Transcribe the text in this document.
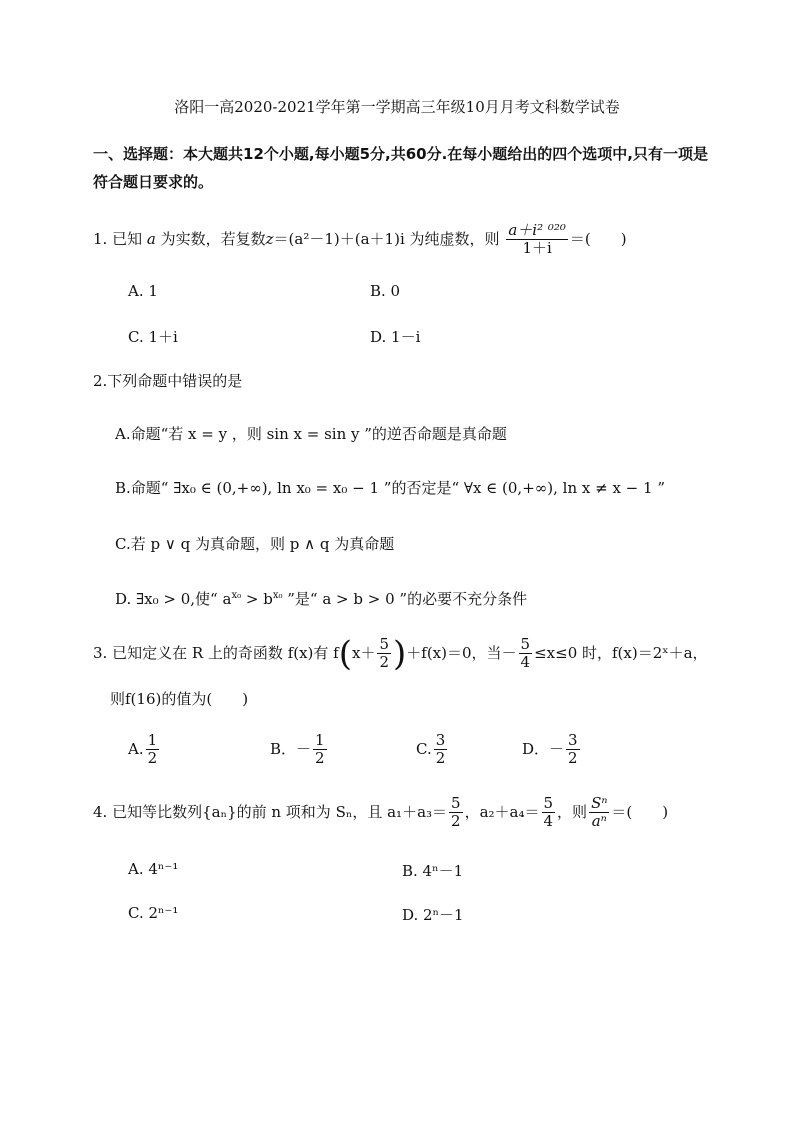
洛阳一高2020-2021学年第一学期高三年级10月月考文科数学试卷
一、选择题：本大题共12个小题,每小题5分,共60分.在每小题给出的四个选项中,只有一项是符合题日要求的。
1. 已知 a 为实数，若复数z＝(a²－1)＋(a＋1)i 为纯虚数，则 $\frac{\text{a＋i² ⁰²⁰}}{1+i}$ ＝(　　)
A. 1	B. 0
C. 1＋i	D. 1－i
2.下列命题中错误的是
A.命题“若 x = y ，则 sin x = sin y ”的逆否命题是真命题
B.命题“ ∃x₀ ∈ (0,+∞), ln x₀ = x₀ − 1 ”的否定是“ ∀x ∈ (0,+∞), ln x ≠ x − 1 ”
C.若 p ∨ q 为真命题，则 p ∧ q 为真命题
D. ∃x₀ > 0,使“ $a^{x_0} > b^{x_0}$ ”是“ a > b > 0 ”的必要不充分条件
3. 已知定义在 R 上的奇函数 f(x)有 $f(x+ \frac{5}{2} )+f(x)=0$，当－ $\frac{5}{4} \le x\le 0$ 时，f(x)＝2ˣ＋a，
则f(16)的值为(　　)
A. $\frac{1}{2}$	B．－ $\frac{1}{2}$	C. $\frac{3}{2}$	D．－ $\frac{3}{2}$
4. 已知等比数列{aₙ}的前 n 项和为 Sₙ，且 $a_1+a_3= \frac{5}{2}$ ，$a_2+a_4= \frac{5}{4}$ ，则 $\frac{\text{Sⁿ}}{\text{aⁿ}}$ ＝(　　)
A. 4ⁿ⁻¹	B. 4ⁿ－1
C. 2ⁿ⁻¹	D. 2ⁿ－1
